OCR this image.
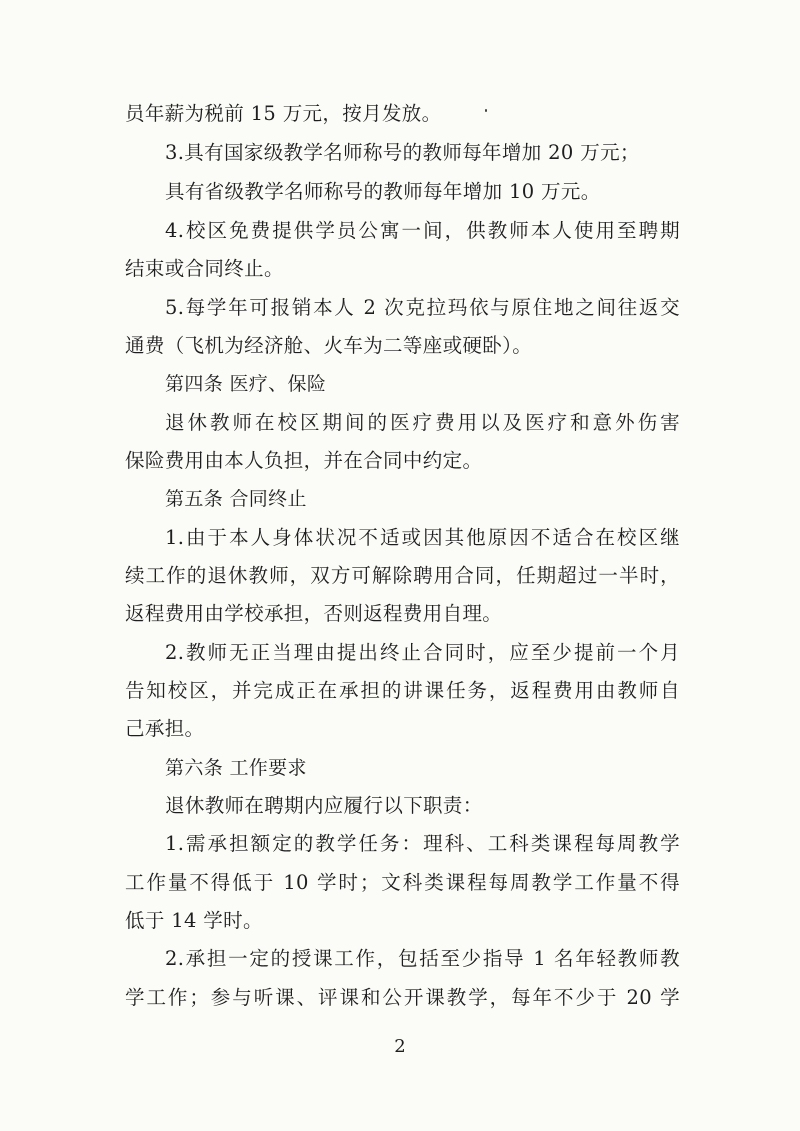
员年薪为税前 15 万元，按月发放。
3.具有国家级教学名师称号的教师每年增加 20 万元；
具有省级教学名师称号的教师每年增加 10 万元。
4.校区免费提供学员公寓一间，供教师本人使用至聘期
结束或合同终止。
5.每学年可报销本人 2 次克拉玛依与原住地之间往返交
通费（飞机为经济舱、火车为二等座或硬卧）。
第四条 医疗、保险
退休教师在校区期间的医疗费用以及医疗和意外伤害
保险费用由本人负担，并在合同中约定。
第五条 合同终止
1.由于本人身体状况不适或因其他原因不适合在校区继
续工作的退休教师，双方可解除聘用合同，任期超过一半时，
返程费用由学校承担，否则返程费用自理。
2.教师无正当理由提出终止合同时，应至少提前一个月
告知校区，并完成正在承担的讲课任务，返程费用由教师自
己承担。
第六条 工作要求
退休教师在聘期内应履行以下职责：
1.需承担额定的教学任务：理科、工科类课程每周教学
工作量不得低于 10 学时；文科类课程每周教学工作量不得
低于 14 学时。
2.承担一定的授课工作，包括至少指导 1 名年轻教师教
学工作；参与听课、评课和公开课教学，每年不少于 20 学
2
